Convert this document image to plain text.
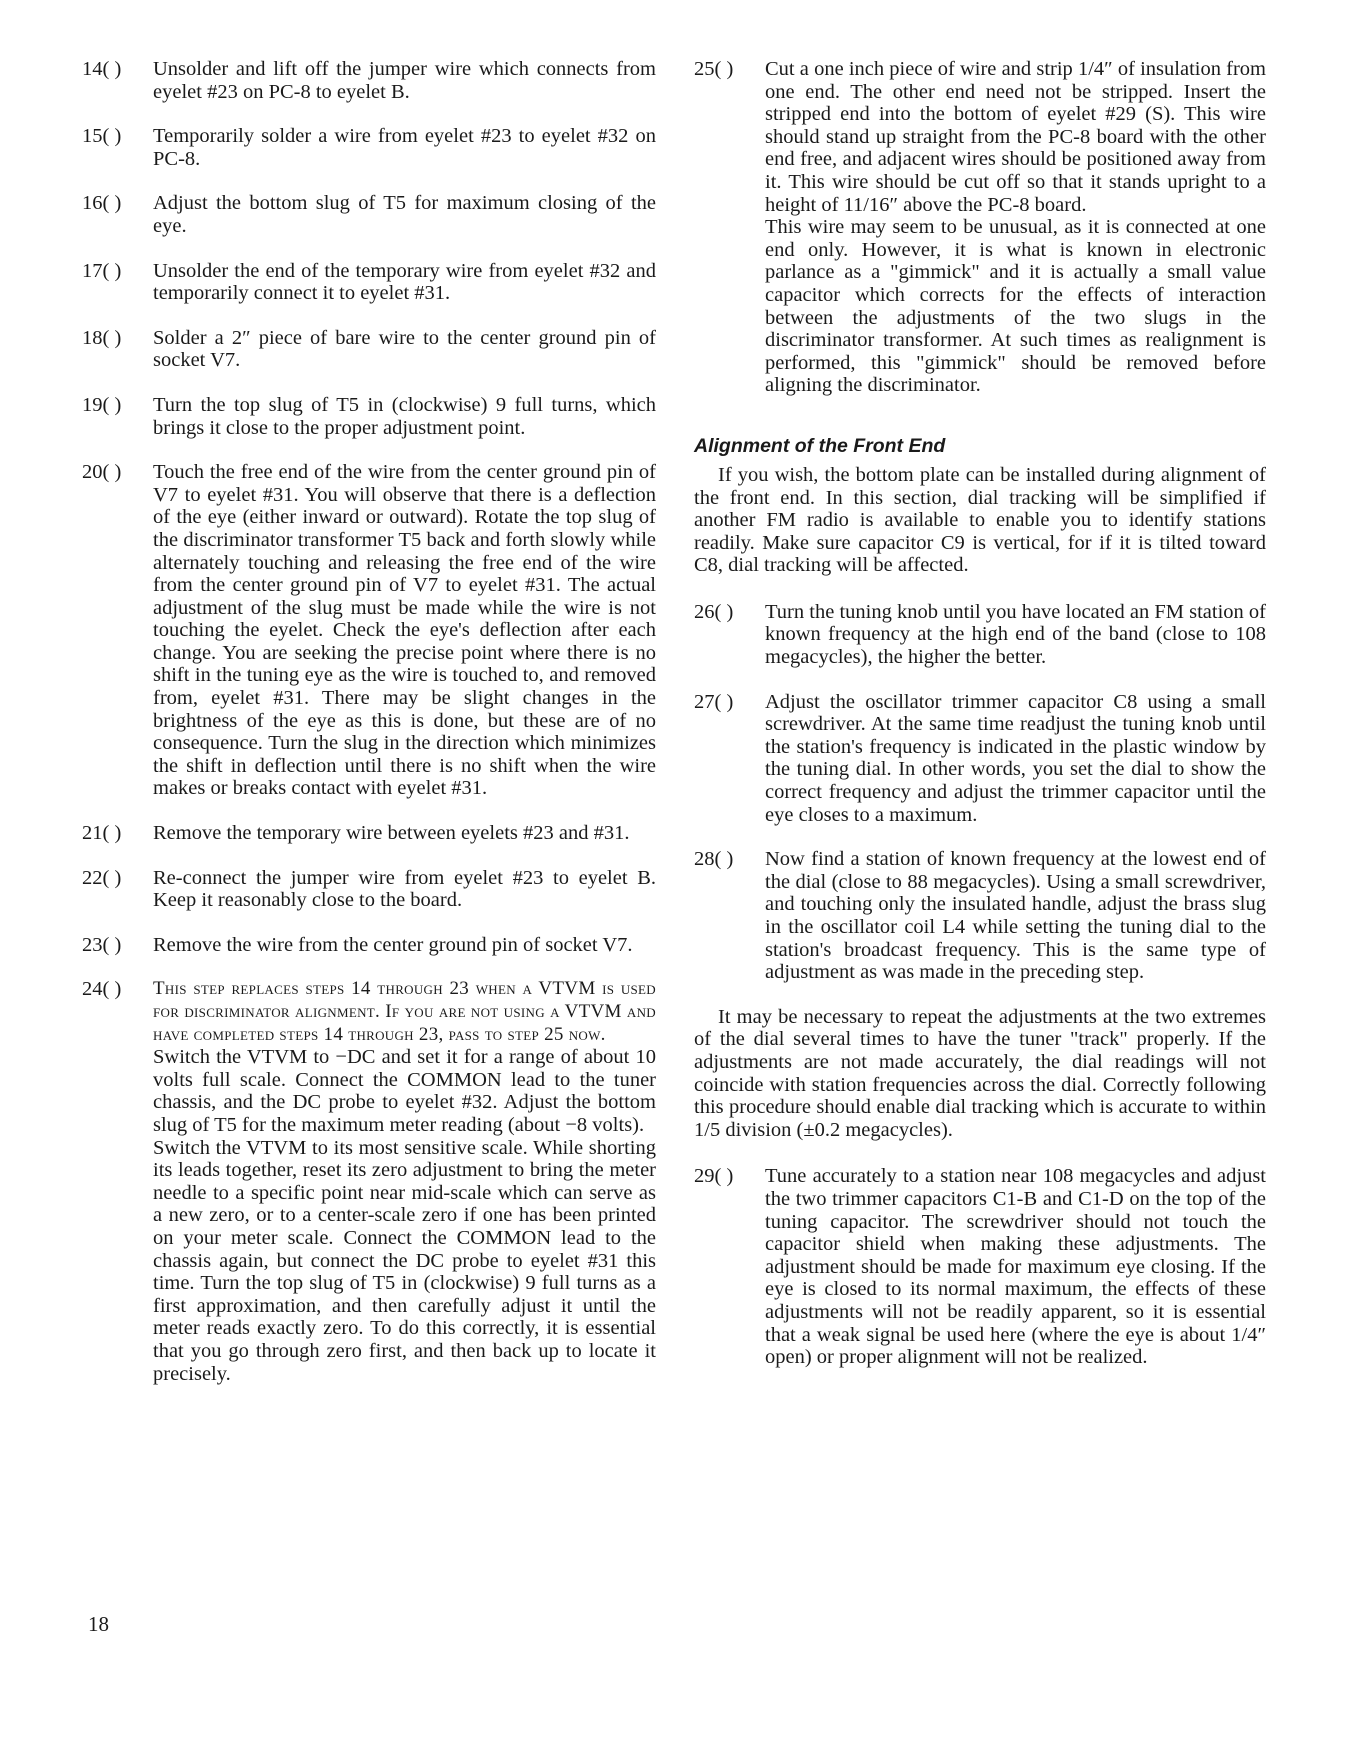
14( )	Unsolder and lift off the jumper wire which connects from eyelet #23 on PC-8 to eyelet B.

15( )	Temporarily solder a wire from eyelet #23 to eyelet #32 on PC-8.

16( )	Adjust the bottom slug of T5 for maximum closing of the eye.

17( )	Unsolder the end of the temporary wire from eyelet #32 and temporarily connect it to eyelet #31.

18( )	Solder a 2″ piece of bare wire to the center ground pin of socket V7.

19( )	Turn the top slug of T5 in (clockwise) 9 full turns, which brings it close to the proper adjustment point.

20( )	Touch the free end of the wire from the center ground pin of V7 to eyelet #31. You will observe that there is a deflection of the eye (either inward or outward). Rotate the top slug of the discriminator transformer T5 back and forth slowly while alternately touching and releasing the free end of the wire from the center ground pin of V7 to eyelet #31. The actual adjustment of the slug must be made while the wire is not touching the eyelet. Check the eye's deflection after each change. You are seeking the precise point where there is no shift in the tuning eye as the wire is touched to, and removed from, eyelet #31. There may be slight changes in the brightness of the eye as this is done, but these are of no consequence. Turn the slug in the direction which minimizes the shift in deflection until there is no shift when the wire makes or breaks contact with eyelet #31.

21( )	Remove the temporary wire between eyelets #23 and #31.

22( )	Re-connect the jumper wire from eyelet #23 to eyelet B. Keep it reasonably close to the board.

23( )	Remove the wire from the center ground pin of socket V7.

24( )	This step replaces steps 14 through 23 when a VTVM is used for discriminator alignment. If you are not using a VTVM and have completed steps 14 through 23, pass to step 25 now.

Switch the VTVM to −DC and set it for a range of about 10 volts full scale. Connect the COMMON lead to the tuner chassis, and the DC probe to eyelet #32. Adjust the bottom slug of T5 for the maximum meter reading (about −8 volts).

Switch the VTVM to its most sensitive scale. While shorting its leads together, reset its zero adjustment to bring the meter needle to a specific point near mid-scale which can serve as a new zero, or to a center-scale zero if one has been printed on your meter scale. Connect the COMMON lead to the chassis again, but connect the DC probe to eyelet #31 this time. Turn the top slug of T5 in (clockwise) 9 full turns as a first approximation, and then carefully adjust it until the meter reads exactly zero. To do this correctly, it is essential that you go through zero first, and then back up to locate it precisely.

25( )	Cut a one inch piece of wire and strip 1/4″ of insulation from one end. The other end need not be stripped. Insert the stripped end into the bottom of eyelet #29 (S). This wire should stand up straight from the PC-8 board with the other end free, and adjacent wires should be positioned away from it. This wire should be cut off so that it stands upright to a height of 11/16″ above the PC-8 board.

This wire may seem to be unusual, as it is connected at one end only. However, it is what is known in electronic parlance as a "gimmick" and it is actually a small value capacitor which corrects for the effects of interaction between the adjustments of the two slugs in the discriminator transformer. At such times as realignment is performed, this "gimmick" should be removed before aligning the discriminator.

Alignment of the Front End

If you wish, the bottom plate can be installed during alignment of the front end. In this section, dial tracking will be simplified if another FM radio is available to enable you to identify stations readily. Make sure capacitor C9 is vertical, for if it is tilted toward C8, dial tracking will be affected.

26( )	Turn the tuning knob until you have located an FM station of known frequency at the high end of the band (close to 108 megacycles), the higher the better.

27( )	Adjust the oscillator trimmer capacitor C8 using a small screwdriver. At the same time readjust the tuning knob until the station's frequency is indicated in the plastic window by the tuning dial. In other words, you set the dial to show the correct frequency and adjust the trimmer capacitor until the eye closes to a maximum.

28( )	Now find a station of known frequency at the lowest end of the dial (close to 88 megacycles). Using a small screwdriver, and touching only the insulated handle, adjust the brass slug in the oscillator coil L4 while setting the tuning dial to the station's broadcast frequency. This is the same type of adjustment as was made in the preceding step.

It may be necessary to repeat the adjustments at the two extremes of the dial several times to have the tuner "track" properly. If the adjustments are not made accurately, the dial readings will not coincide with station frequencies across the dial. Correctly following this procedure should enable dial tracking which is accurate to within 1/5 division (±0.2 megacycles).

29( )	Tune accurately to a station near 108 megacycles and adjust the two trimmer capacitors C1-B and C1-D on the top of the tuning capacitor. The screwdriver should not touch the capacitor shield when making these adjustments. The adjustment should be made for maximum eye closing. If the eye is closed to its normal maximum, the effects of these adjustments will not be readily apparent, so it is essential that a weak signal be used here (where the eye is about 1/4″ open) or proper alignment will not be realized.

18
